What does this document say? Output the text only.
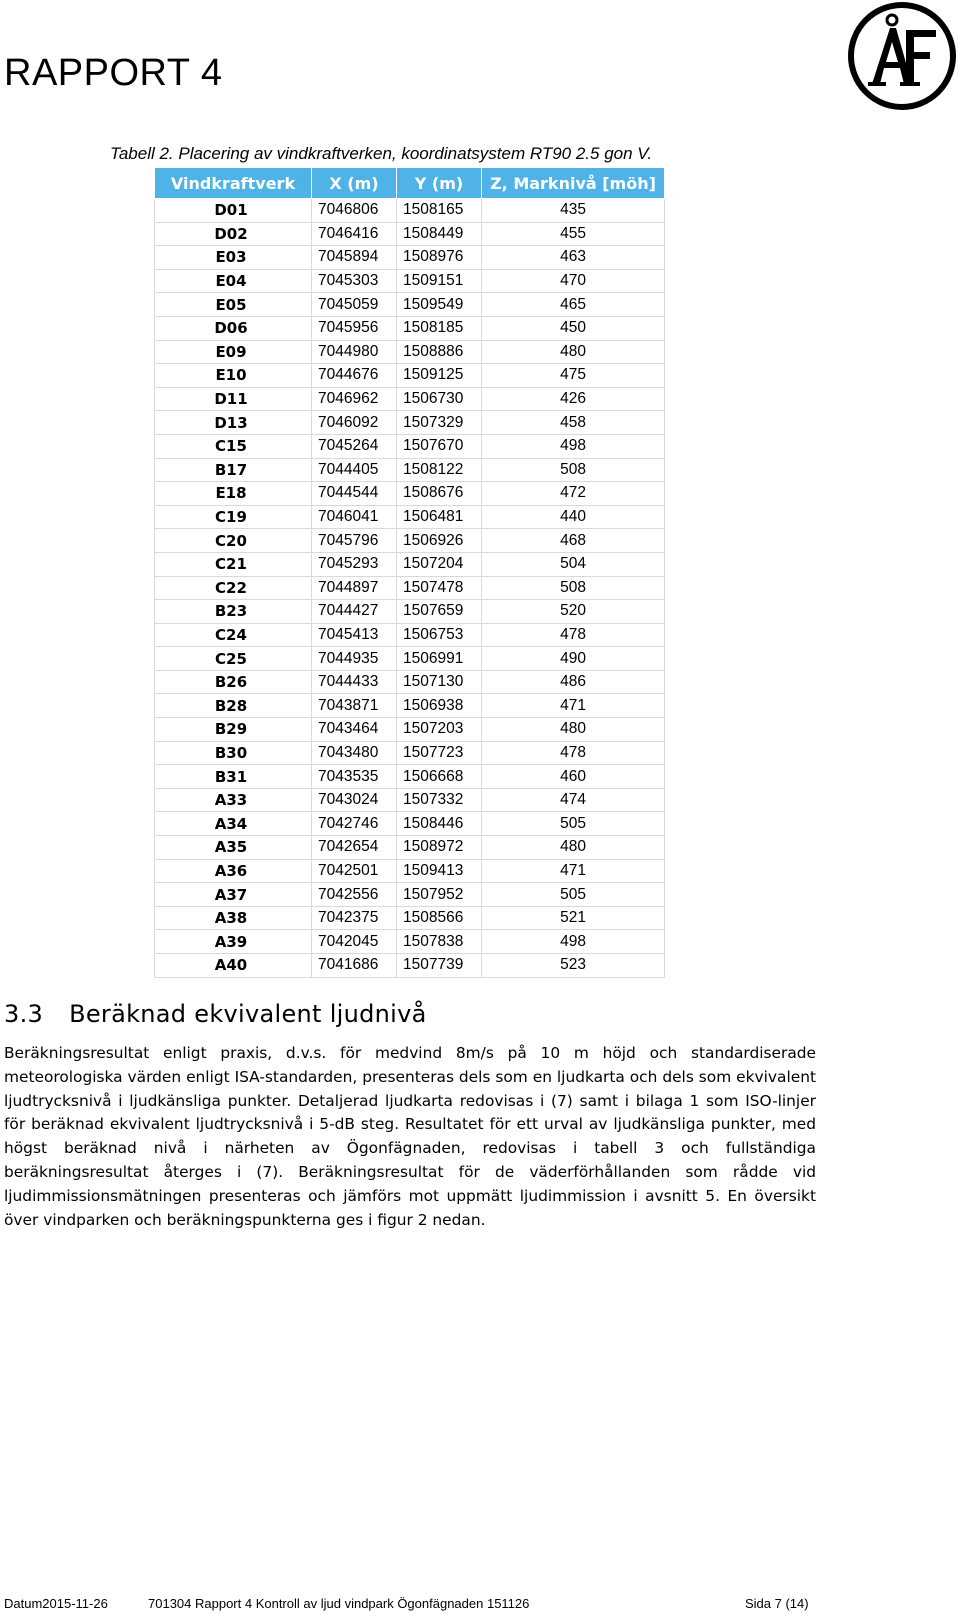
RAPPORT 4
Tabell 2. Placering av vindkraftverken, koordinatsystem RT90 2.5 gon V.
Vindkraftverk	X (m)	Y (m)	Z, Marknivå [möh]
D01	7046806	1508165	435
D02	7046416	1508449	455
E03	7045894	1508976	463
E04	7045303	1509151	470
E05	7045059	1509549	465
D06	7045956	1508185	450
E09	7044980	1508886	480
E10	7044676	1509125	475
D11	7046962	1506730	426
D13	7046092	1507329	458
C15	7045264	1507670	498
B17	7044405	1508122	508
E18	7044544	1508676	472
C19	7046041	1506481	440
C20	7045796	1506926	468
C21	7045293	1507204	504
C22	7044897	1507478	508
B23	7044427	1507659	520
C24	7045413	1506753	478
C25	7044935	1506991	490
B26	7044433	1507130	486
B28	7043871	1506938	471
B29	7043464	1507203	480
B30	7043480	1507723	478
B31	7043535	1506668	460
A33	7043024	1507332	474
A34	7042746	1508446	505
A35	7042654	1508972	480
A36	7042501	1509413	471
A37	7042556	1507952	505
A38	7042375	1508566	521
A39	7042045	1507838	498
A40	7041686	1507739	523
3.3 Beräknad ekvivalent ljudnivå

Beräkningsresultat enligt praxis, d.v.s. för medvind 8m/s på 10 m höjd och standardiserade meteorologiska värden enligt ISA-standarden, presenteras dels som en ljudkarta och dels som ekvivalent ljudtrycksnivå i ljudkänsliga punkter. Detaljerad ljudkarta redovisas i (7) samt i bilaga 1 som ISO-linjer för beräknad ekvivalent ljudtrycksnivå i 5-dB steg. Resultatet för ett urval av ljudkänsliga punkter, med högst beräknad nivå i närheten av Ögonfägnaden, redovisas i tabell 3 och fullständiga beräkningsresultat återges i (7). Beräkningsresultat för de väderförhållanden som rådde vid ljudimmissionsmätningen presenteras och jämförs mot uppmätt ljudimmission i avsnitt 5. En översikt över vindparken och beräkningspunkterna ges i figur 2 nedan.

Datum2015-11-26	701304 Rapport 4 Kontroll av ljud vindpark Ögonfägnaden 151126	Sida 7 (14)
